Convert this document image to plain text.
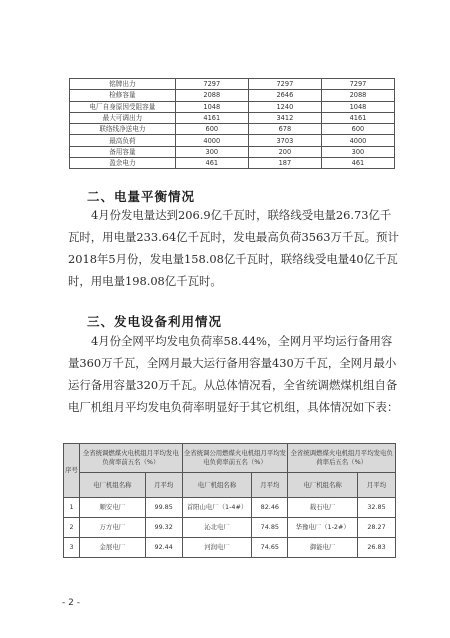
铭牌出力	7297	7297	7297
检修容量	2088	2646	2088
电厂自身原因受阻容量	1048	1240	1048
最大可调出力	4161	3412	4161
联络线净送电力	600	678	600
最高负荷	4000	3703	4000
备用容量	300	200	300
盈余电力	461	187	461
二、电量平衡情况

4月份发电量达到206.9亿千瓦时，联络线受电量26.73亿千瓦时，用电量233.64亿千瓦时，发电最高负荷3563万千瓦。预计2018年5月份，发电量158.08亿千瓦时，联络线受电量40亿千瓦时，用电量198.08亿千瓦时。

三、发电设备利用情况

4月份全网平均发电负荷率58.44%，全网月平均运行备用容量360万千瓦，全网月最大运行备用容量430万千瓦，全网月最小运行备用容量320万千瓦。从总体情况看，全省统调燃煤机组自备电厂机组月平均发电负荷率明显好于其它机组，具体情况如下表：

序号	全省统调燃煤火电机组月平均发电负荷率前五名（%）		全省统调公用燃煤火电机组月平均发电负荷率前五名（%）		全省统调燃煤火电机组月平均发电负荷率后五名（%）	
	电厂机组名称	月平均	电厂机组名称	月平均	电厂机组名称	月平均
1	顺安电厂	99.85	首阳山电厂（1-4#）	82.46	载石电厂	32.85
2	万方电厂	99.32	沁北电厂	74.85	华豫电厂（1-2#）	28.27
3	金展电厂	92.44	河润电厂	74.65	御能电厂	26.83
- 2 -
